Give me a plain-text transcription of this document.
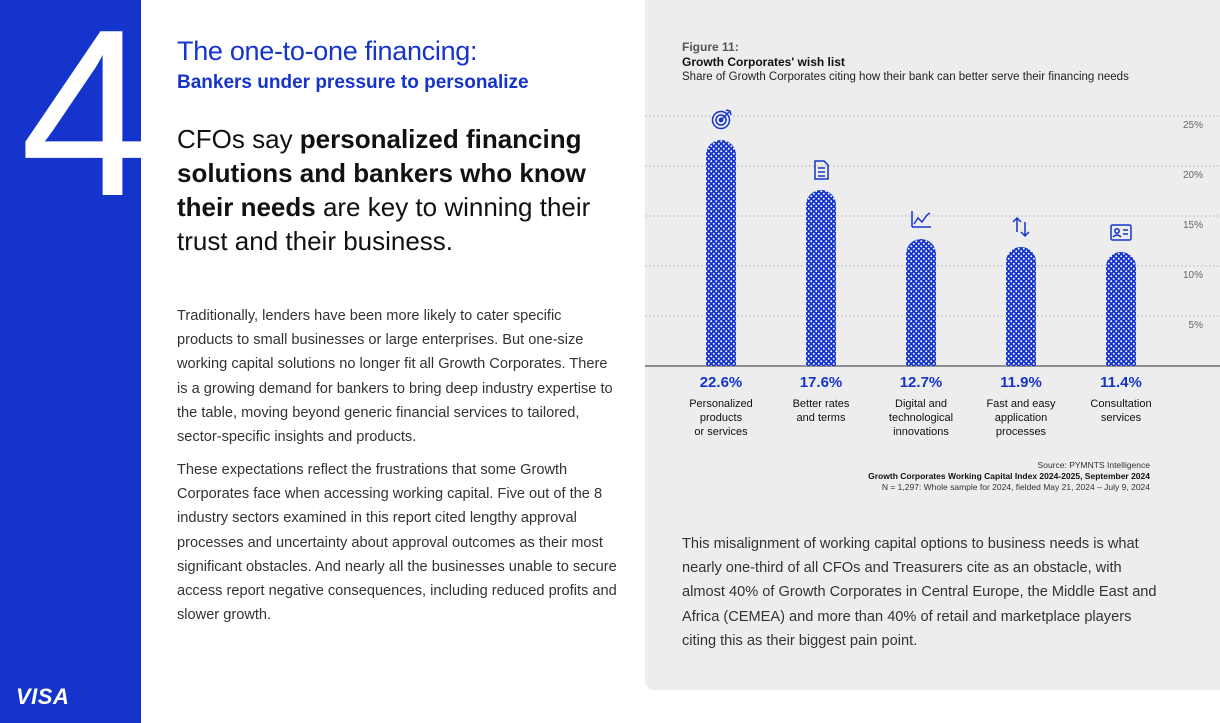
4
VISA
The one-to-one financing:
Bankers under pressure to personalize
CFOs say personalized financing solutions and bankers who know their needs are key to winning their trust and their business.
Traditionally, lenders have been more likely to cater specific products to small businesses or large enterprises. But one-size working capital solutions no longer fit all Growth Corporates. There is a growing demand for bankers to bring deep industry expertise to the table, moving beyond generic financial services to tailored, sector-specific insights and products.
These expectations reflect the frustrations that some Growth Corporates face when accessing working capital. Five out of the 8 industry sectors examined in this report cited lengthy approval processes and uncertainty about approval outcomes as their most significant obstacles. And nearly all the businesses unable to secure access report negative consequences, including reduced profits and slower growth.
Figure 11:
Growth Corporates' wish list
Share of Growth Corporates citing how their bank can better serve their financing needs
5%
10%
15%
20%
25%
22.6%
Personalized products or services
17.6%
Better rates and terms
12.7%
Digital and technological innovations
11.9%
Fast and easy application processes
11.4%
Consultation services
Source: PYMNTS Intelligence
Growth Corporates Working Capital Index 2024-2025, September 2024
N = 1,297: Whole sample for 2024, fielded May 21, 2024 – July 9, 2024
This misalignment of working capital options to business needs is what nearly one-third of all CFOs and Treasurers cite as an obstacle, with almost 40% of Growth Corporates in Central Europe, the Middle East and Africa (CEMEA) and more than 40% of retail and marketplace players citing this as their biggest pain point.
